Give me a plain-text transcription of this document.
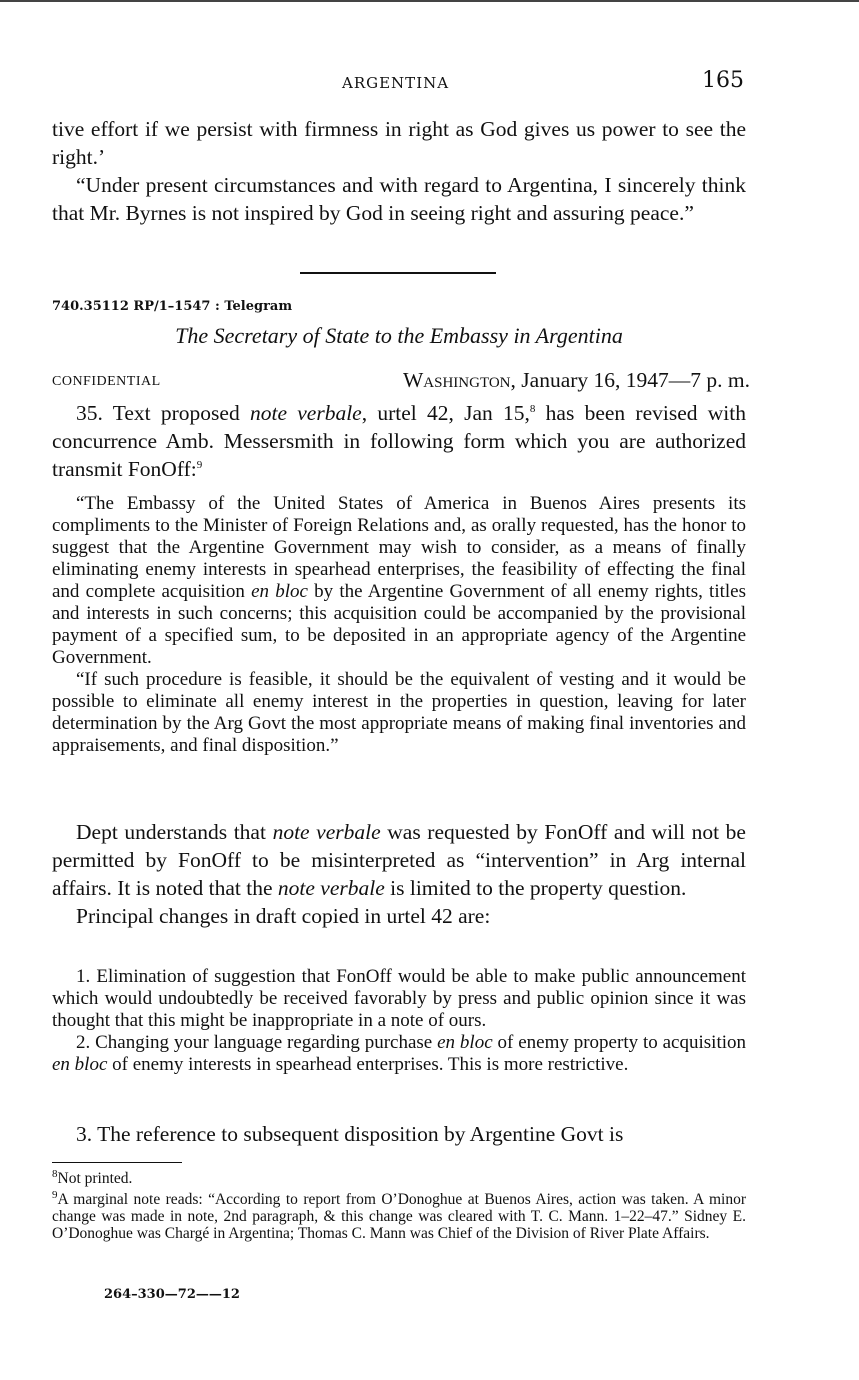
ARGENTINA	165

tive effort if we persist with firmness in right as God gives us power to see the right.’

“Under present circumstances and with regard to Argentina, I sincerely think that Mr. Byrnes is not inspired by God in seeing right and assuring peace.”

740.35112 RP/1–1547 : Telegram
The Secretary of State to the Embassy in Argentina
CONFIDENTIAL	Washington, January 16, 1947—7 p. m.

35. Text proposed note verbale, urtel 42, Jan 15,$^8$ has been revised with concurrence Amb. Messersmith in following form which you are authorized transmit FonOff:$^9$

“The Embassy of the United States of America in Buenos Aires presents its compliments to the Minister of Foreign Relations and, as orally requested, has the honor to suggest that the Argentine Government may wish to consider, as a means of finally eliminating enemy interests in spearhead enterprises, the feasibility of effecting the final and complete acquisition en bloc by the Argentine Government of all enemy rights, titles and interests in such concerns; this acquisition could be accompanied by the provisional payment of a specified sum, to be deposited in an appropriate agency of the Argentine Government.

“If such procedure is feasible, it should be the equivalent of vesting and it would be possible to eliminate all enemy interest in the properties in question, leaving for later determination by the Arg Govt the most appropriate means of making final inventories and appraisements, and final disposition.”

Dept understands that note verbale was requested by FonOff and will not be permitted by FonOff to be misinterpreted as “intervention” in Arg internal affairs. It is noted that the note verbale is limited to the property question.

Principal changes in draft copied in urtel 42 are:

1. Elimination of suggestion that FonOff would be able to make public announcement which would undoubtedly be received favorably by press and public opinion since it was thought that this might be inappropriate in a note of ours.

2. Changing your language regarding purchase en bloc of enemy property to acquisition en bloc of enemy interests in spearhead enterprises. This is more restrictive.

3. The reference to subsequent disposition by Argentine Govt is

$^8$Not printed.
$^9$A marginal note reads: “According to report from O’Donoghue at Buenos Aires, action was taken. A minor change was made in note, 2nd paragraph, & this change was cleared with T. C. Mann. 1–22–47.” Sidney E. O’Donoghue was Chargé in Argentina; Thomas C. Mann was Chief of the Division of River Plate Affairs.
264–330—72——12
